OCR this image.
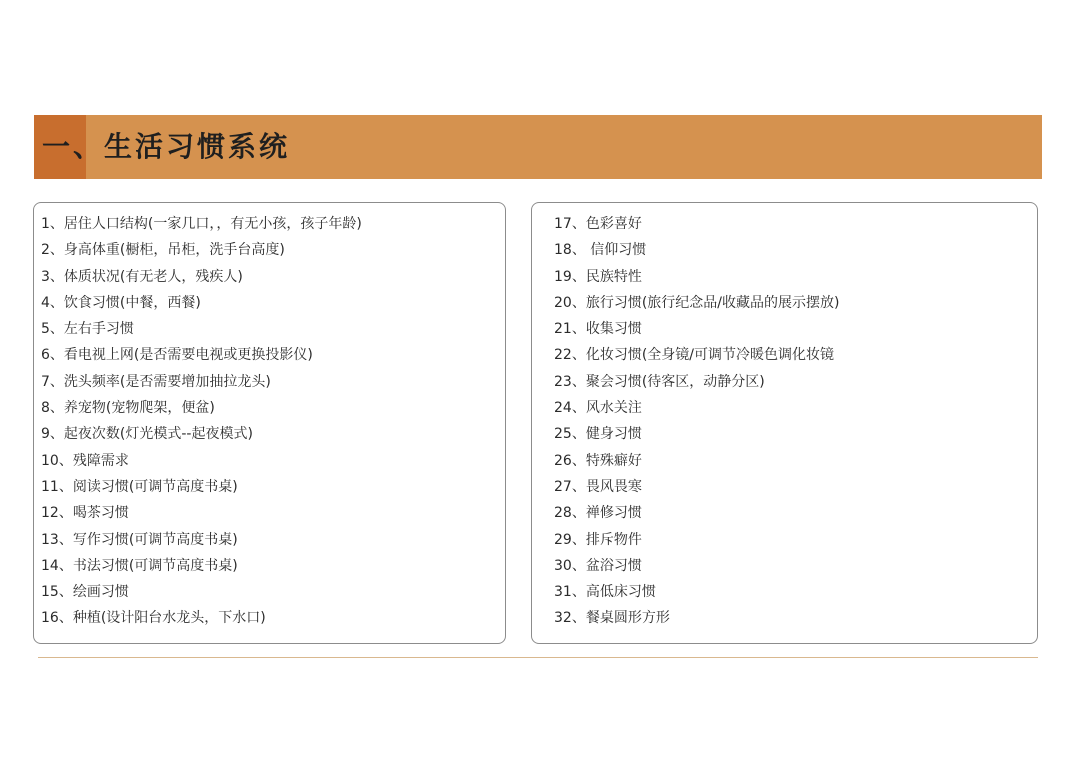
一、生活习惯系统
1、居住人口结构(一家几口，，有无小孩，孩子年龄)
2、身高体重(橱柜，吊柜，洗手台高度)
3、体质状况(有无老人，残疾人)
4、饮食习惯(中餐，西餐)
5、左右手习惯
6、看电视上网(是否需要电视或更换投影仪)
7、洗头频率(是否需要增加抽拉龙头)
8、养宠物(宠物爬架，便盆)
9、起夜次数(灯光模式--起夜模式)
10、残障需求
11、阅读习惯(可调节高度书桌)
12、喝茶习惯
13、写作习惯(可调节高度书桌)
14、书法习惯(可调节高度书桌)
15、绘画习惯
16、种植(设计阳台水龙头，下水口)
17、色彩喜好
18、 信仰习惯
19、民族特性
20、旅行习惯(旅行纪念品/收藏品的展示摆放)
21、收集习惯
22、化妆习惯(全身镜/可调节冷暖色调化妆镜
23、聚会习惯(待客区，动静分区)
24、风水关注
25、健身习惯
26、特殊癖好
27、畏风畏寒
28、禅修习惯
29、排斥物件
30、盆浴习惯
31、高低床习惯
32、餐桌圆形方形
